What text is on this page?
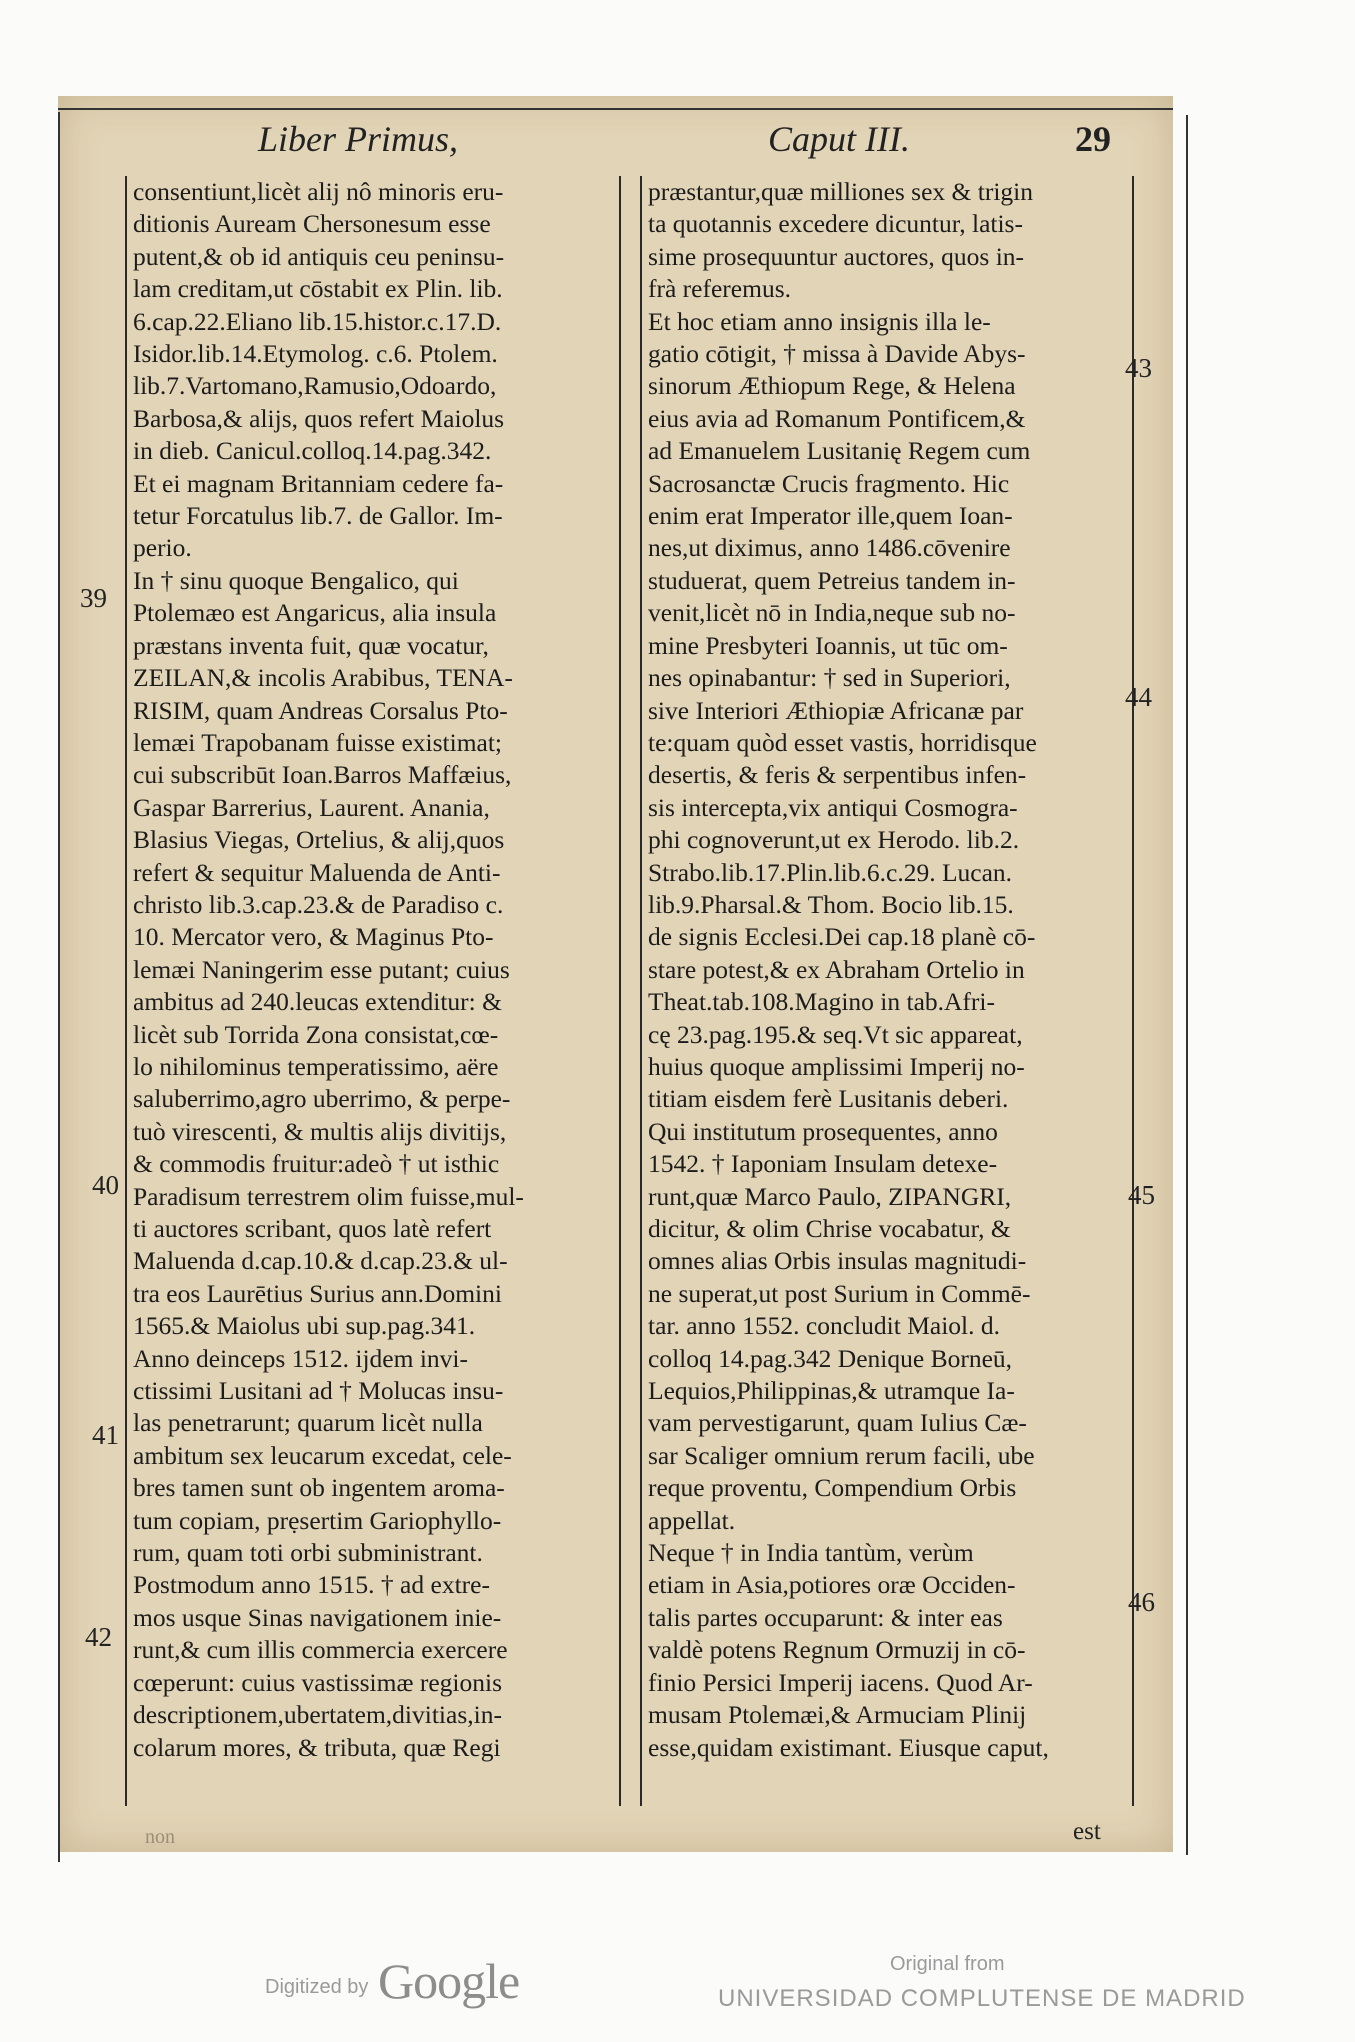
Liber Primus,	Caput III.	29
consentiunt,licèt alij nô minoris eru-
ditionis Auream Chersonesum esse
putent,& ob id antiquis ceu peninsu-
lam creditam,ut cōstabit ex Plin. lib.
6.cap.22.Eliano lib.15.histor.c.17.D.
Isidor.lib.14.Etymolog. c.6. Ptolem.
lib.7.Vartomano,Ramusio,Odoardo,
Barbosa,& alijs, quos refert Maiolus
in dieb. Canicul.colloq.14.pag.342.
Et ei magnam Britanniam cedere fa-
tetur Forcatulus lib.7. de Gallor. Im-
perio.
In † sinu quoque Bengalico, qui
Ptolemæo est Angaricus, alia insula
præstans inventa fuit, quæ vocatur,
ZEILAN,& incolis Arabibus, TENA-
RISIM, quam Andreas Corsalus Pto-
lemæi Trapobanam fuisse existimat;
cui subscribūt Ioan.Barros Maffæius,
Gaspar Barrerius, Laurent. Anania,
Blasius Viegas, Ortelius, & alij,quos
refert & sequitur Maluenda de Anti-
christo lib.3.cap.23.& de Paradiso c.
10. Mercator vero, & Maginus Pto-
lemæi Naningerim esse putant; cuius
ambitus ad 240.leucas extenditur: &
licèt sub Torrida Zona consistat,cœ-
lo nihilominus temperatissimo, aëre
saluberrimo,agro uberrimo, & perpe-
tuò virescenti, & multis alijs divitijs,
& commodis fruitur:adeò † ut isthic
Paradisum terrestrem olim fuisse,mul-
ti auctores scribant, quos latè refert
Maluenda d.cap.10.& d.cap.23.& ul-
tra eos Laurētius Surius ann.Domini
1565.& Maiolus ubi sup.pag.341.
Anno deinceps 1512. ijdem invi-
ctissimi Lusitani ad † Molucas insu-
las penetrarunt; quarum licèt nulla
ambitum sex leucarum excedat, cele-
bres tamen sunt ob ingentem aroma-
tum copiam, prẹsertim Gariophyllo-
rum, quam toti orbi subministrant.
Postmodum anno 1515. † ad extre-
mos usque Sinas navigationem inie-
runt,& cum illis commercia exercere
cœperunt: cuius vastissimæ regionis
descriptionem,ubertatem,divitias,in-
colarum mores, & tributa, quæ Regi
præstantur,quæ milliones sex & trigin
ta quotannis excedere dicuntur, latis-
sime prosequuntur auctores, quos in-
frà referemus.
Et hoc etiam anno insignis illa le-
gatio cōtigit, † missa à Davide Abys-
sinorum Æthiopum Rege, & Helena
eius avia ad Romanum Pontificem,&
ad Emanuelem Lusitanię Regem cum
Sacrosanctæ Crucis fragmento. Hic
enim erat Imperator ille,quem Ioan-
nes,ut diximus, anno 1486.cōvenire
studuerat, quem Petreius tandem in-
venit,licèt nō in India,neque sub no-
mine Presbyteri Ioannis, ut tūc om-
nes opinabantur: † sed in Superiori,
sive Interiori Æthiopiæ Africanæ par
te:quam quòd esset vastis, horridisque
desertis, & feris & serpentibus infen-
sis intercepta,vix antiqui Cosmogra-
phi cognoverunt,ut ex Herodo. lib.2.
Strabo.lib.17.Plin.lib.6.c.29. Lucan.
lib.9.Pharsal.& Thom. Bocio lib.15.
de signis Ecclesi.Dei cap.18 planè cō-
stare potest,& ex Abraham Ortelio in
Theat.tab.108.Magino in tab.Afri-
cę 23.pag.195.& seq.Vt sic appareat,
huius quoque amplissimi Imperij no-
titiam eisdem ferè Lusitanis deberi.
Qui institutum prosequentes, anno
1542. † Iaponiam Insulam detexe-
runt,quæ Marco Paulo, ZIPANGRI,
dicitur, & olim Chrise vocabatur, &
omnes alias Orbis insulas magnitudi-
ne superat,ut post Surium in Commē-
tar. anno 1552. concludit Maiol. d.
colloq 14.pag.342 Denique Borneū,
Lequios,Philippinas,& utramque Ia-
vam pervestigarunt, quam Iulius Cæ-
sar Scaliger omnium rerum facili, ube
reque proventu, Compendium Orbis
appellat.
Neque † in India tantùm, verùm
etiam in Asia,potiores oræ Occiden-
talis partes occuparunt: & inter eas
valdè potens Regnum Ormuzij in cō-
finio Persici Imperij iacens. Quod Ar-
musam Ptolemæi,& Armuciam Plinij
esse,quidam existimant. Eiusque caput,
39
40
41
42
43
44
45
46
est
non
Digitized by Google	Original from
UNIVERSIDAD COMPLUTENSE DE MADRID
